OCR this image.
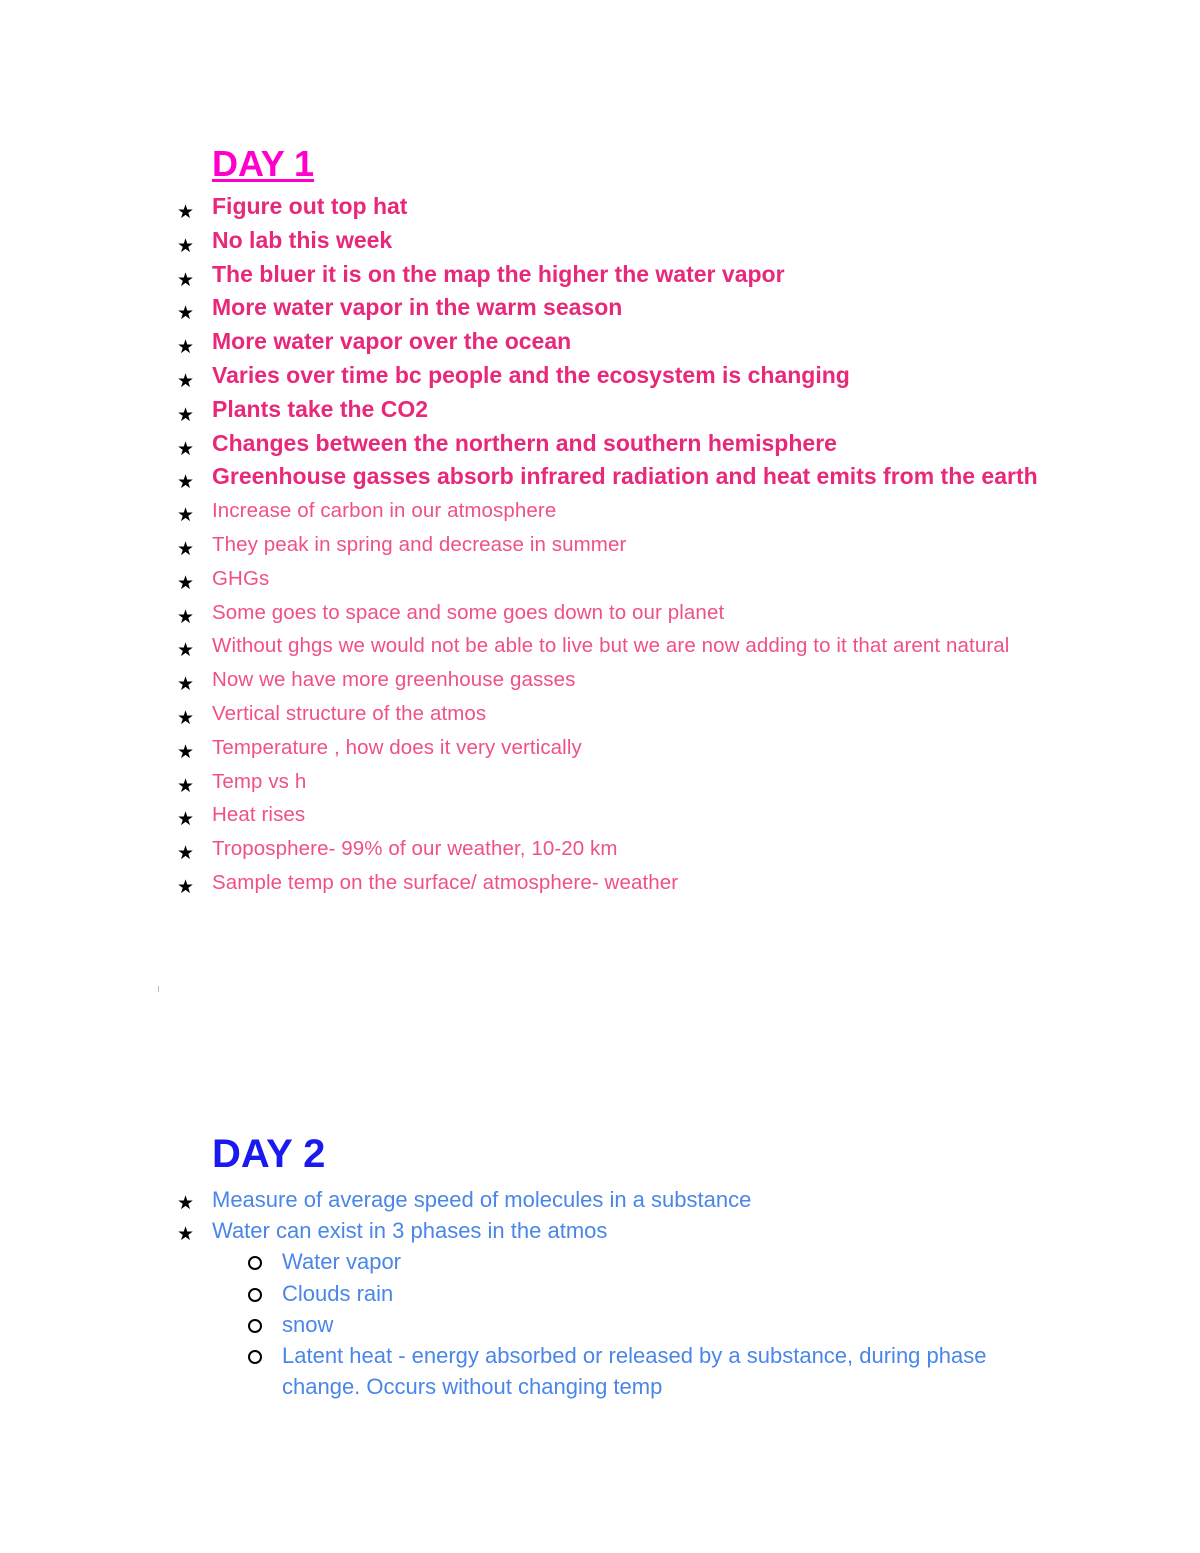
DAY 1
★ Figure out top hat
★ No lab this week
★ The bluer it is on the map the higher the water vapor
★ More water vapor in the warm season
★ More water vapor over the ocean
★ Varies over time bc people and the ecosystem is changing
★ Plants take the CO2
★ Changes between the northern and southern hemisphere
★ Greenhouse gasses absorb infrared radiation and heat emits from the earth
★ Increase of carbon in our atmosphere
★ They peak in spring and decrease in summer
★ GHGs
★ Some goes to space and some goes down to our planet
★ Without ghgs we would not be able to live but we are now adding to it that arent natural
★ Now we have more greenhouse gasses
★ Vertical structure of the atmos
★ Temperature , how does it very vertically
★ Temp vs h
★ Heat rises
★ Troposphere- 99% of our weather, 10-20 km
★ Sample temp on the surface/ atmosphere- weather
DAY 2
★ Measure of average speed of molecules in a substance
★ Water can exist in 3 phases in the atmos
Water vapor
Clouds rain
snow
Latent heat - energy absorbed or released by a substance, during phase change. Occurs without changing temp
